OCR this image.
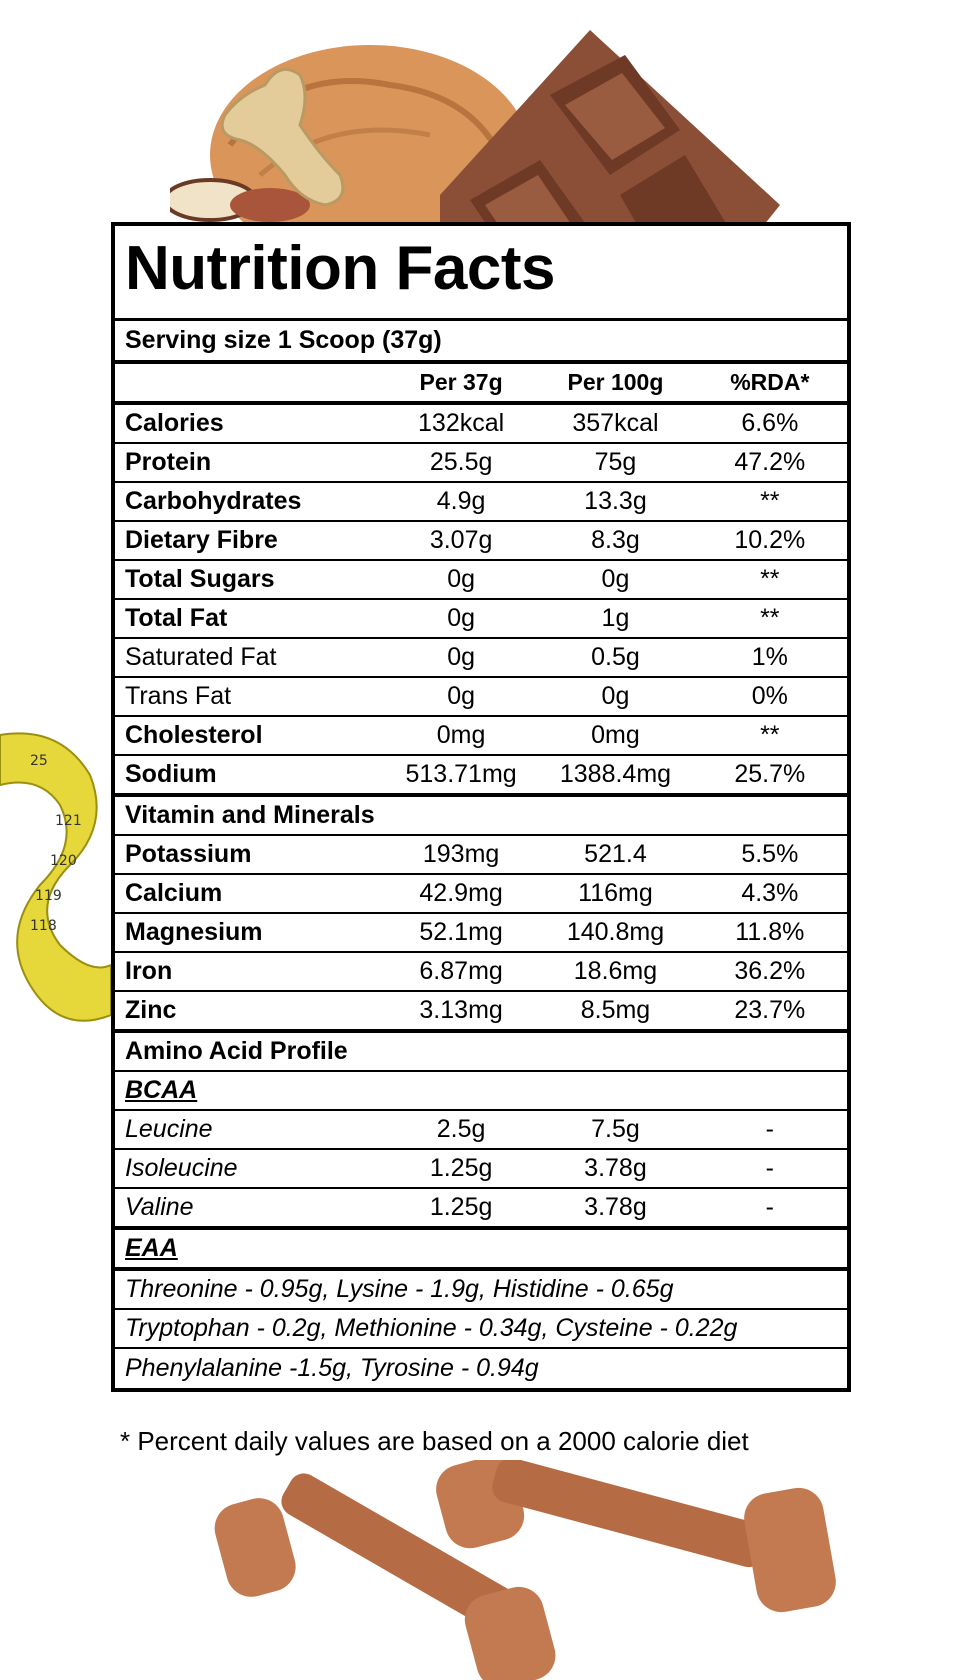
25
121
120
119
118
Nutrition Facts
Serving size 1 Scoop (37g)
Per 37g	Per 100g	%RDA*
Calories	132kcal	357kcal	6.6%
Protein	25.5g	75g	47.2%
Carbohydrates	4.9g	13.3g	**
Dietary Fibre	3.07g	8.3g	10.2%
Total Sugars	0g	0g	**
Total Fat	0g	1g	**
Saturated Fat	0g	0.5g	1%
Trans Fat	0g	0g	0%
Cholesterol	0mg	0mg	**
Sodium	513.71mg	1388.4mg	25.7%
Vitamin and Minerals
Potassium	193mg	521.4	5.5%
Calcium	42.9mg	116mg	4.3%
Magnesium	52.1mg	140.8mg	11.8%
Iron	6.87mg	18.6mg	36.2%
Zinc	3.13mg	8.5mg	23.7%
Amino Acid Profile
BCAA
Leucine	2.5g	7.5g	-
Isoleucine	1.25g	3.78g	-
Valine	1.25g	3.78g	-
EAA
Threonine - 0.95g, Lysine - 1.9g, Histidine - 0.65g
Tryptophan - 0.2g, Methionine - 0.34g, Cysteine - 0.22g
Phenylalanine -1.5g, Tyrosine - 0.94g
* Percent daily values are based on a 2000 calorie diet
